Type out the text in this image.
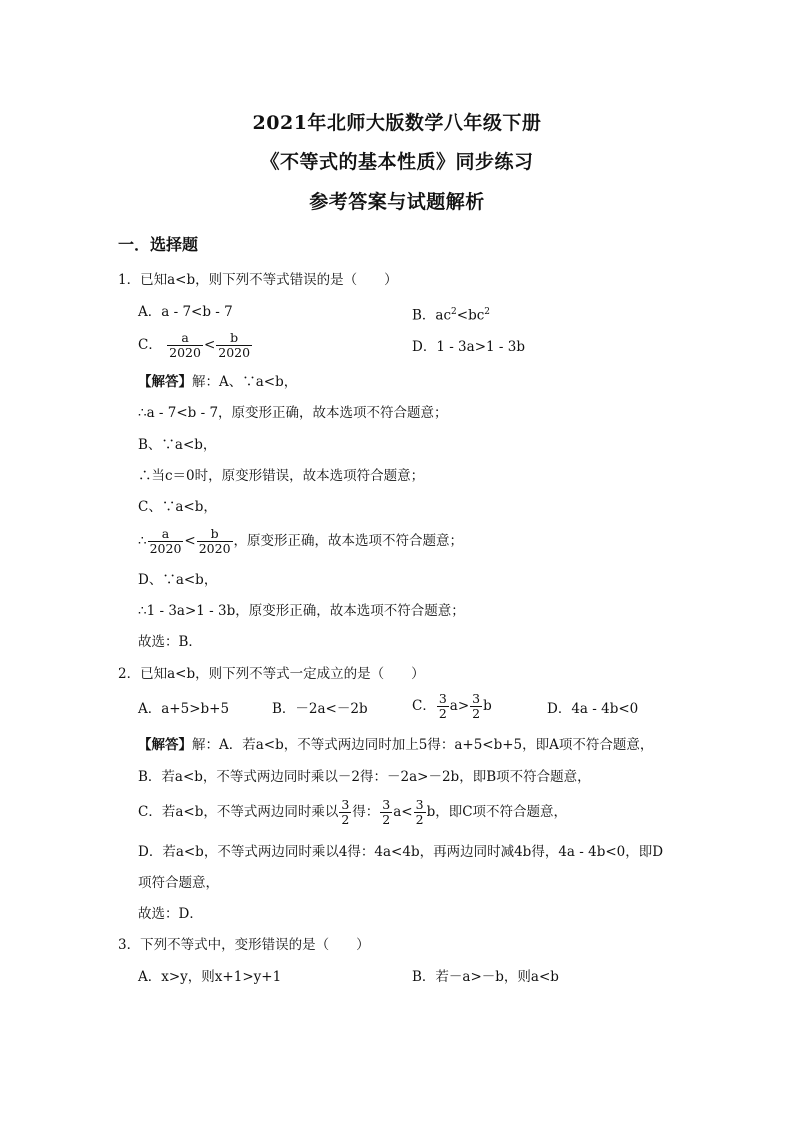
2021年北师大版数学八年级下册
《不等式的基本性质》同步练习
参考答案与试题解析
一．选择题
1．已知a<b，则下列不等式错误的是（　　）
A．a - 7<b - 7	B．$ac^2<bc^2$
C． $\frac{a}{2020} < \frac{b}{2020}$	D．1 - 3a>1 - 3b
【解答】解：A、∵a<b，
∴a - 7<b - 7，原变形正确，故本选项不符合题意；
B、∵a<b，
∴当c＝0时，原变形错误，故本选项符合题意；
C、∵a<b，
∴ $\frac{a}{2020} < \frac{b}{2020}$ ，原变形正确，故本选项不符合题意；
D、∵a<b，
∴1 - 3a>1 - 3b，原变形正确，故本选项不符合题意；
故选：B．
2．已知a<b，则下列不等式一定成立的是（　　）
A．a+5>b+5	B．－2a<－2b	C． $\frac{3}{2} a> \frac{3}{2}$ b	D．4a - 4b<0
【解答】解：A．若a<b，不等式两边同时加上5得：a+5<b+5，即A项不符合题意，
B．若a<b，不等式两边同时乘以－2得：－2a>－2b，即B项不符合题意，
C．若a<b，不等式两边同时乘以 $\frac{3}{2}$ 得： $\frac{3}{2} a< \frac{3}{2}$ b，即C项不符合题意，
D．若a<b，不等式两边同时乘以4得：4a<4b，再两边同时减4b得，4a - 4b<0，即D
项符合题意，
故选：D．
3．下列不等式中，变形错误的是（　　）
A．x>y，则x+1>y+1	B．若－a>－b，则a<b
